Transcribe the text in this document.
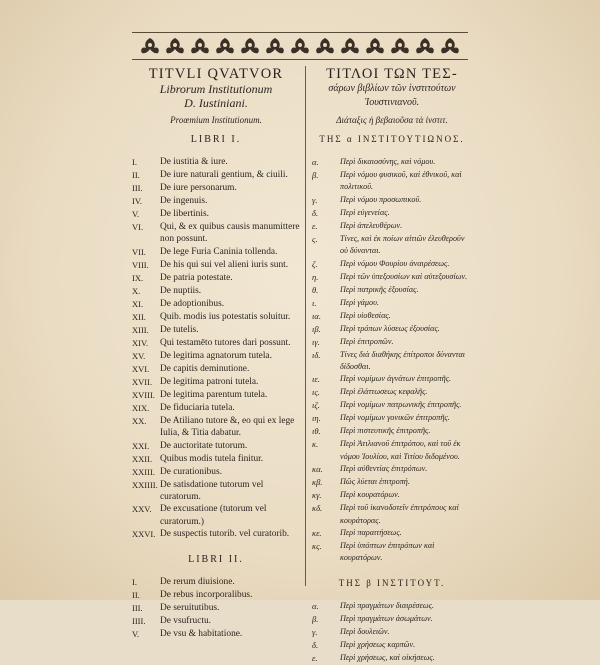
TITVLI QVATVOR
Librorum Institutionum
D. Iustiniani.
Proœmium Institutionum.
LIBRI I.
I.	De iustitia & iure.
II.	De iure naturali gentium, & ciuili.
III.	De iure personarum.
IV.	De ingenuis.
V.	De libertinis.
VI.	Qui, & ex quibus causis manumittere non possunt.
VII.	De lege Furia Caninia tollenda.
VIII.	De his qui sui vel alieni iuris sunt.
IX.	De patria potestate.
X.	De nuptiis.
XI.	De adoptionibus.
XII.	Quib. modis ius potestatis soluitur.
XIII.	De tutelis.
XIV.	Qui testamēto tutores dari possunt.
XV.	De legitima agnatorum tutela.
XVI.	De capitis deminutione.
XVII. De legitima patroni tutela.
XVIII. De legitima parentum tutela.
XIX.	De fiduciaria tutela.
XX.	De Atiliano tutore &, eo qui ex lege Iulia, & Titia dabatur.
XXI.	De auctoritate tutorum.
XXII. Quibus modis tutela finitur.
XXIII. De curationibus.
XXIIII. De satisdatione tutorum vel curatorum.
XXV. De excusatione (tutorum vel curatorum.)
XXVI. De suspectis tutorib. vel curatorib.
LIBRI II.
I.	De rerum diuisione.
II.	De rebus incorporalibus.
III.	De seruitutibus.
IIII.	De vsufructu.
V.	De vsu & habitatione.
ΤΙΤΛΟΙ ΤΩΝ ΤΕΣ-
σάρων βιβλίων τῶν ἰνστιτούτων
Ἰουστινιανοῦ.
Διάταξις ἡ βεβαιοῦσα τὰ ἰνστιτ.
ΤΗΣ α ΙΝΣΤΙΤΟΥΤΙΩΝΟΣ.
α.	Περὶ δικαιοσύνης, καὶ νόμου.
β.	Περὶ νόμου φυσικοῦ, καὶ ἐθνικοῦ, καὶ πολιτικοῦ.
γ.	Περὶ νόμου προσωπικοῦ.
δ.	Περὶ εὐγενείας.
ε.	Περὶ ἀπελευθέρων.
ς.	Τίνες, καὶ ἐκ ποίων αἰτιῶν ἐλευθεροῦν οὐ δύνανται.
ζ.	Περὶ νόμου Φουρίου ἀναιρέσεως.
η.	Περὶ τῶν ὑπεξουσίων καὶ αὐτεξουσίων.
θ.	Περὶ πατρικῆς ἐξουσίας.
ι.	Περὶ γάμου.
ια.	Περὶ υἱοθεσίας.
ιβ.	Περὶ τρόπων λύσεως ἐξουσίας.
ιγ.	Περὶ ἐπιτροπῶν.
ιδ.	Τίνες διὰ διαθήκης ἐπίτροποι δύνανται δίδοσθαι.
ιε.	Περὶ νομίμων ἀγνάτων ἐπιτροπῆς.
ις.	Περὶ ἐλάττωσεως κεφαλῆς.
ιζ.	Περὶ νομίμων πατρωνικῆς ἐπιτροπῆς.
ιη.	Περὶ νομίμων γονικῶν ἐπιτροπῆς.
ιθ.	Περὶ πιστευτικῆς ἐπιτροπῆς.
κ.	Περὶ Ἀτιλιανοῦ ἐπιτρόπου, καὶ τοῦ ἐκ νόμου Ἰουλίου, καὶ Τιτίου διδομένου.
κα.	Περὶ αὐθεντίας ἐπιτρόπων.
κβ.	Πῶς λύεται ἐπιτροπή.
κγ.	Περὶ κουρατόρων.
κδ.	Περὶ τοῦ ἱκανοδοτεῖν ἐπιτρόπους καὶ κουράτορας.
κε.	Περὶ παραιτήσεως.
κς.	Περὶ ὑπόπτων ἐπιτρόπων καὶ κουρατόρων.
ΤΗΣ β ΙΝΣΤΙΤΟΥΤ.
α.	Περὶ πραγμάτων διαιρέσεως.
β.	Περὶ πραγμάτων ἀσωμάτων.
γ.	Περὶ δουλειῶν.
δ.	Περὶ χρήσεως καρπῶν.
ε.	Περὶ χρήσεως, καὶ οἰκήσεως.
